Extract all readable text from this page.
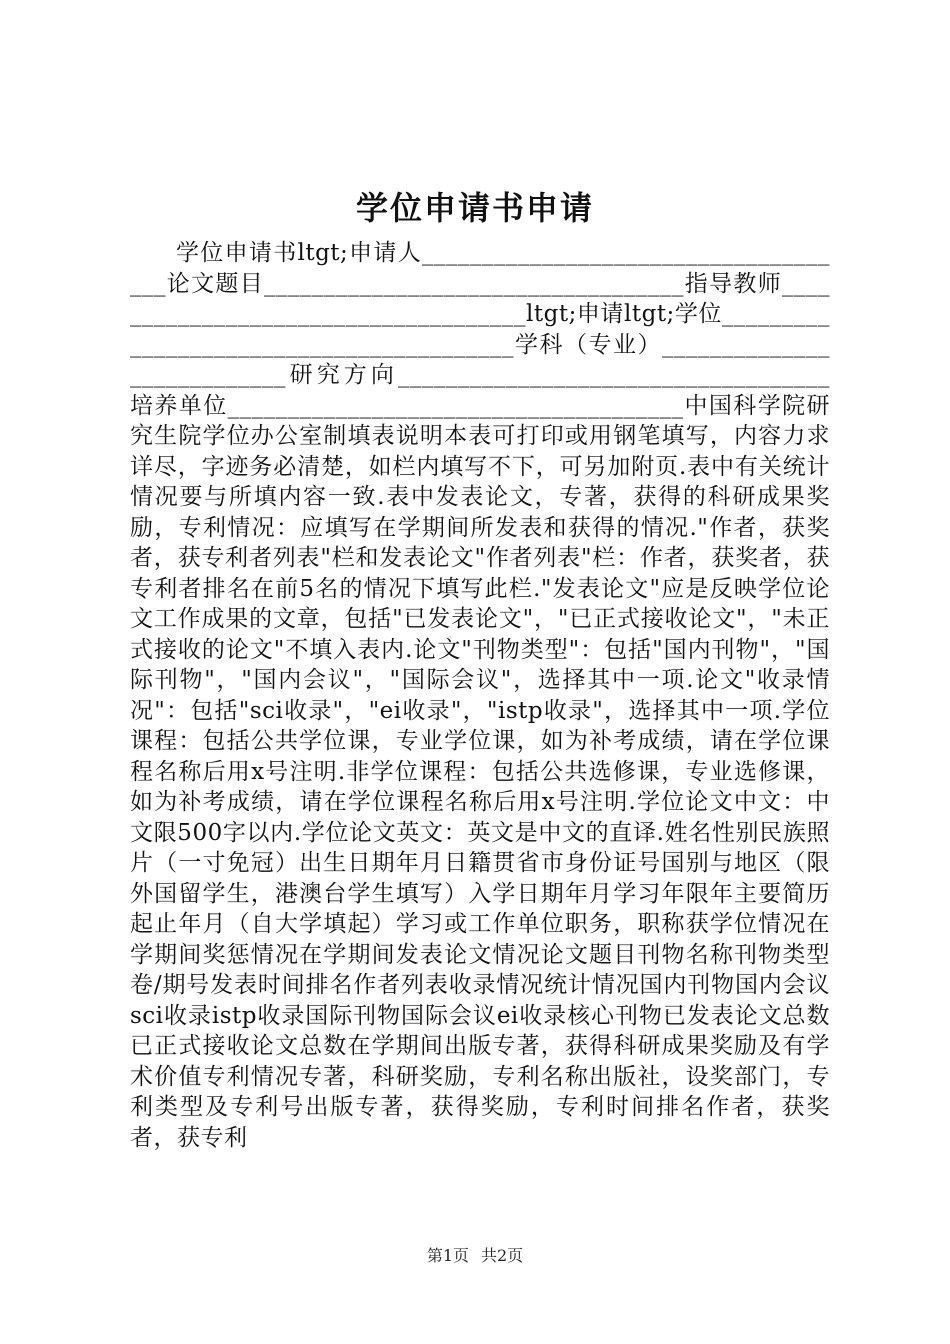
学位申请书申请

学位申请书ltgt;申请人_____________________________________论文题目___________________________________指导教师_____________________________________ltgt;申请ltgt;学位_________________________________________学科（专业）___________________________研究方向____________________________________培养单位______________________________________中国科学院研究生院学位办公室制填表说明本表可打印或用钢笔填写，内容力求详尽，字迹务必清楚，如栏内填写不下，可另加附页.表中有关统计情况要与所填内容一致.表中发表论文，专著，获得的科研成果奖励，专利情况：应填写在学期间所发表和获得的情况."作者，获奖者，获专利者列表"栏和发表论文"作者列表"栏：作者，获奖者，获专利者排名在前5名的情况下填写此栏."发表论文"应是反映学位论文工作成果的文章，包括"已发表论文"，"已正式接收论文"，"未正式接收的论文"不填入表内.论文"刊物类型"：包括"国内刊物"，"国际刊物"，"国内会议"，"国际会议"，选择其中一项.论文"收录情况"：包括"sci收录"，"ei收录"，"istp收录"，选择其中一项.学位课程：包括公共学位课，专业学位课，如为补考成绩，请在学位课程名称后用x号注明.非学位课程：包括公共选修课，专业选修课，如为补考成绩，请在学位课程名称后用x号注明.学位论文中文：中文限500字以内.学位论文英文：英文是中文的直译.姓名性别民族照片（一寸免冠）出生日期年月日籍贯省市身份证号国别与地区（限外国留学生，港澳台学生填写）入学日期年月学习年限年主要简历起止年月（自大学填起）学习或工作单位职务，职称获学位情况在学期间奖惩情况在学期间发表论文情况论文题目刊物名称刊物类型卷/期号发表时间排名作者列表收录情况统计情况国内刊物国内会议sci收录istp收录国际刊物国际会议ei收录核心刊物已发表论文总数已正式接收论文总数在学期间出版专著，获得科研成果奖励及有学术价值专利情况专著，科研奖励，专利名称出版社，设奖部门，专利类型及专利号出版专著，获得奖励，专利时间排名作者，获奖者，获专利

第1页 共2页
